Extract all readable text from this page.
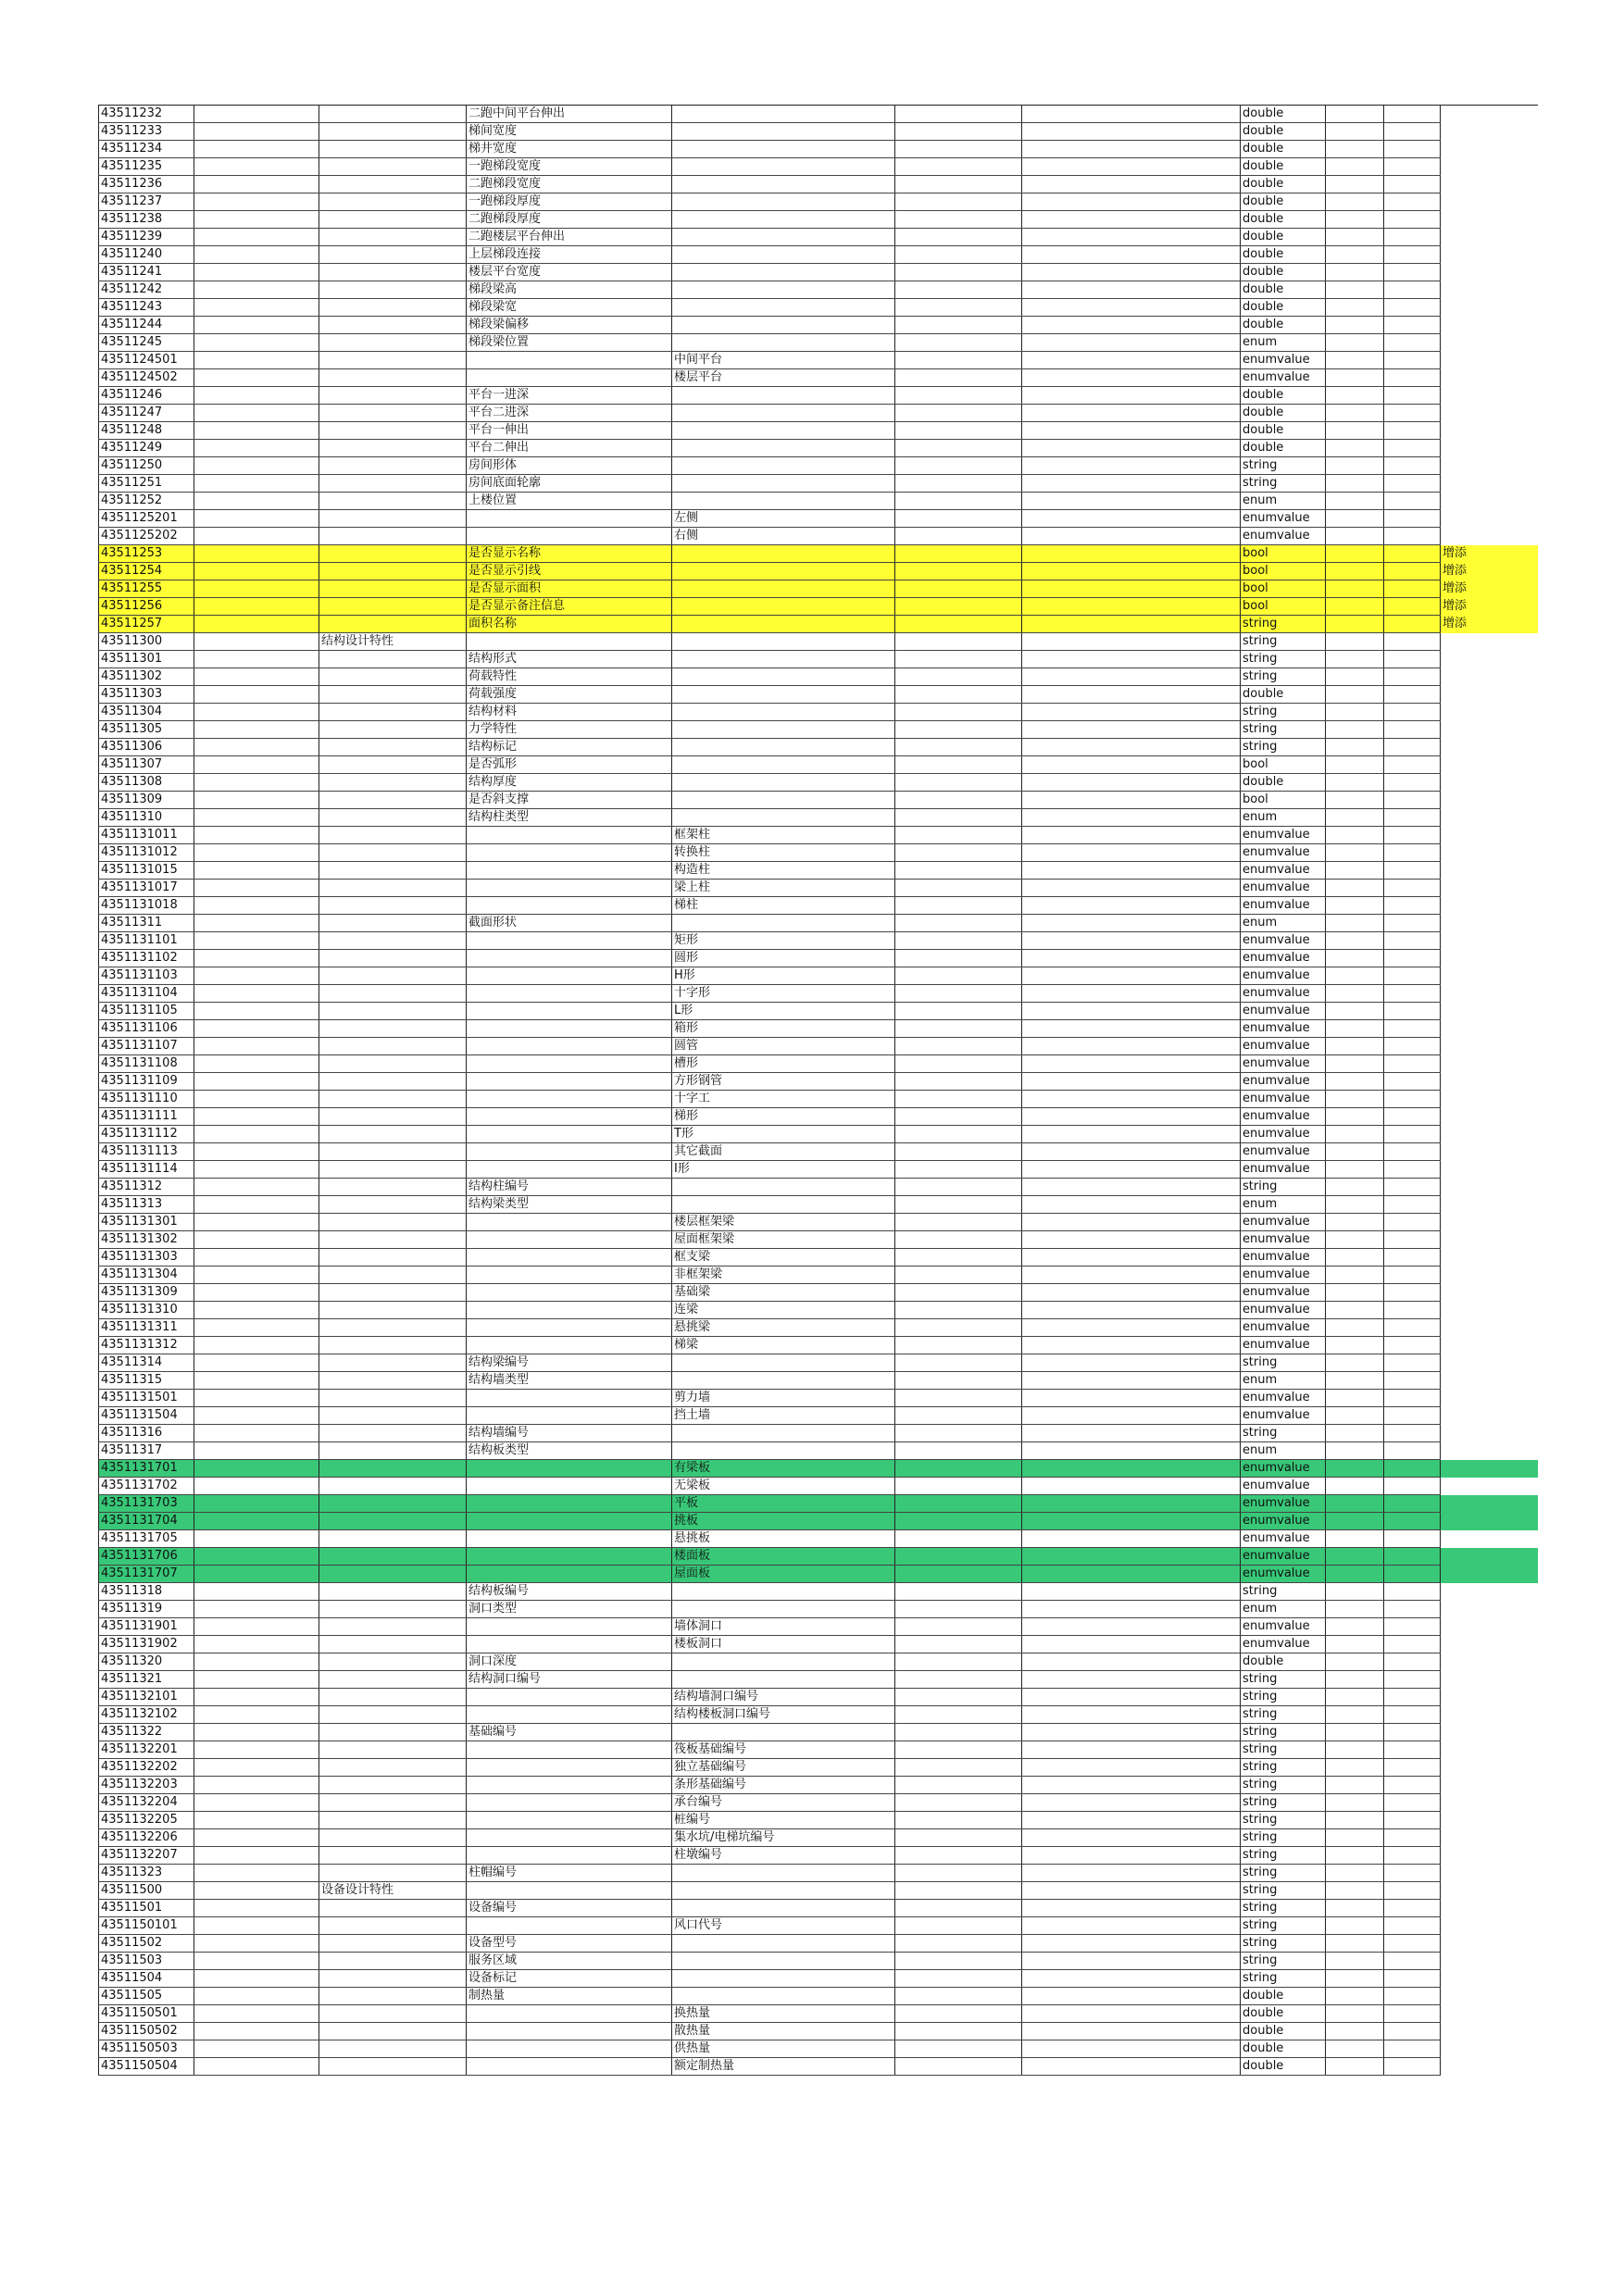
43511232			二跑中间平台伸出				double			
43511233			梯间宽度				double			
43511234			梯井宽度				double			
43511235			一跑梯段宽度				double			
43511236			二跑梯段宽度				double			
43511237			一跑梯段厚度				double			
43511238			二跑梯段厚度				double			
43511239			二跑楼层平台伸出				double			
43511240			上层梯段连接				double			
43511241			楼层平台宽度				double			
43511242			梯段梁高				double			
43511243			梯段梁宽				double			
43511244			梯段梁偏移				double			
43511245			梯段梁位置				enum			
4351124501				中间平台			enumvalue			
4351124502				楼层平台			enumvalue			
43511246			平台一进深				double			
43511247			平台二进深				double			
43511248			平台一伸出				double			
43511249			平台二伸出				double			
43511250			房间形体				string			
43511251			房间底面轮廓				string			
43511252			上楼位置				enum			
4351125201				左侧			enumvalue			
4351125202				右侧			enumvalue			
43511253			是否显示名称				bool			增添
43511254			是否显示引线				bool			增添
43511255			是否显示面积				bool			增添
43511256			是否显示备注信息				bool			增添
43511257			面积名称				string			增添
43511300		结构设计特性					string			
43511301			结构形式				string			
43511302			荷载特性				string			
43511303			荷载强度				double			
43511304			结构材料				string			
43511305			力学特性				string			
43511306			结构标记				string			
43511307			是否弧形				bool			
43511308			结构厚度				double			
43511309			是否斜支撑				bool			
43511310			结构柱类型				enum			
4351131011				框架柱			enumvalue			
4351131012				转换柱			enumvalue			
4351131015				构造柱			enumvalue			
4351131017				梁上柱			enumvalue			
4351131018				梯柱			enumvalue			
43511311			截面形状				enum			
4351131101				矩形			enumvalue			
4351131102				圆形			enumvalue			
4351131103				H形			enumvalue			
4351131104				十字形			enumvalue			
4351131105				L形			enumvalue			
4351131106				箱形			enumvalue			
4351131107				圆管			enumvalue			
4351131108				槽形			enumvalue			
4351131109				方形钢管			enumvalue			
4351131110				十字工			enumvalue			
4351131111				梯形			enumvalue			
4351131112				T形			enumvalue			
4351131113				其它截面			enumvalue			
4351131114				I形			enumvalue			
43511312			结构柱编号				string			
43511313			结构梁类型				enum			
4351131301				楼层框架梁			enumvalue			
4351131302				屋面框架梁			enumvalue			
4351131303				框支梁			enumvalue			
4351131304				非框架梁			enumvalue			
4351131309				基础梁			enumvalue			
4351131310				连梁			enumvalue			
4351131311				悬挑梁			enumvalue			
4351131312				梯梁			enumvalue			
43511314			结构梁编号				string			
43511315			结构墙类型				enum			
4351131501				剪力墙			enumvalue			
4351131504				挡土墙			enumvalue			
43511316			结构墙编号				string			
43511317			结构板类型				enum			
4351131701				有梁板			enumvalue			
4351131702				无梁板			enumvalue			
4351131703				平板			enumvalue			
4351131704				挑板			enumvalue			
4351131705				悬挑板			enumvalue			
4351131706				楼面板			enumvalue			
4351131707				屋面板			enumvalue			
43511318			结构板编号				string			
43511319			洞口类型				enum			
4351131901				墙体洞口			enumvalue			
4351131902				楼板洞口			enumvalue			
43511320			洞口深度				double			
43511321			结构洞口编号				string			
4351132101				结构墙洞口编号			string			
4351132102				结构楼板洞口编号			string			
43511322			基础编号				string			
4351132201				筏板基础编号			string			
4351132202				独立基础编号			string			
4351132203				条形基础编号			string			
4351132204				承台编号			string			
4351132205				桩编号			string			
4351132206				集水坑/电梯坑编号			string			
4351132207				柱墩编号			string			
43511323			柱帽编号				string			
43511500		设备设计特性					string			
43511501			设备编号				string			
4351150101				风口代号			string			
43511502			设备型号				string			
43511503			服务区域				string			
43511504			设备标记				string			
43511505			制热量				double			
4351150501				换热量			double			
4351150502				散热量			double			
4351150503				供热量			double			
4351150504				额定制热量			double			
